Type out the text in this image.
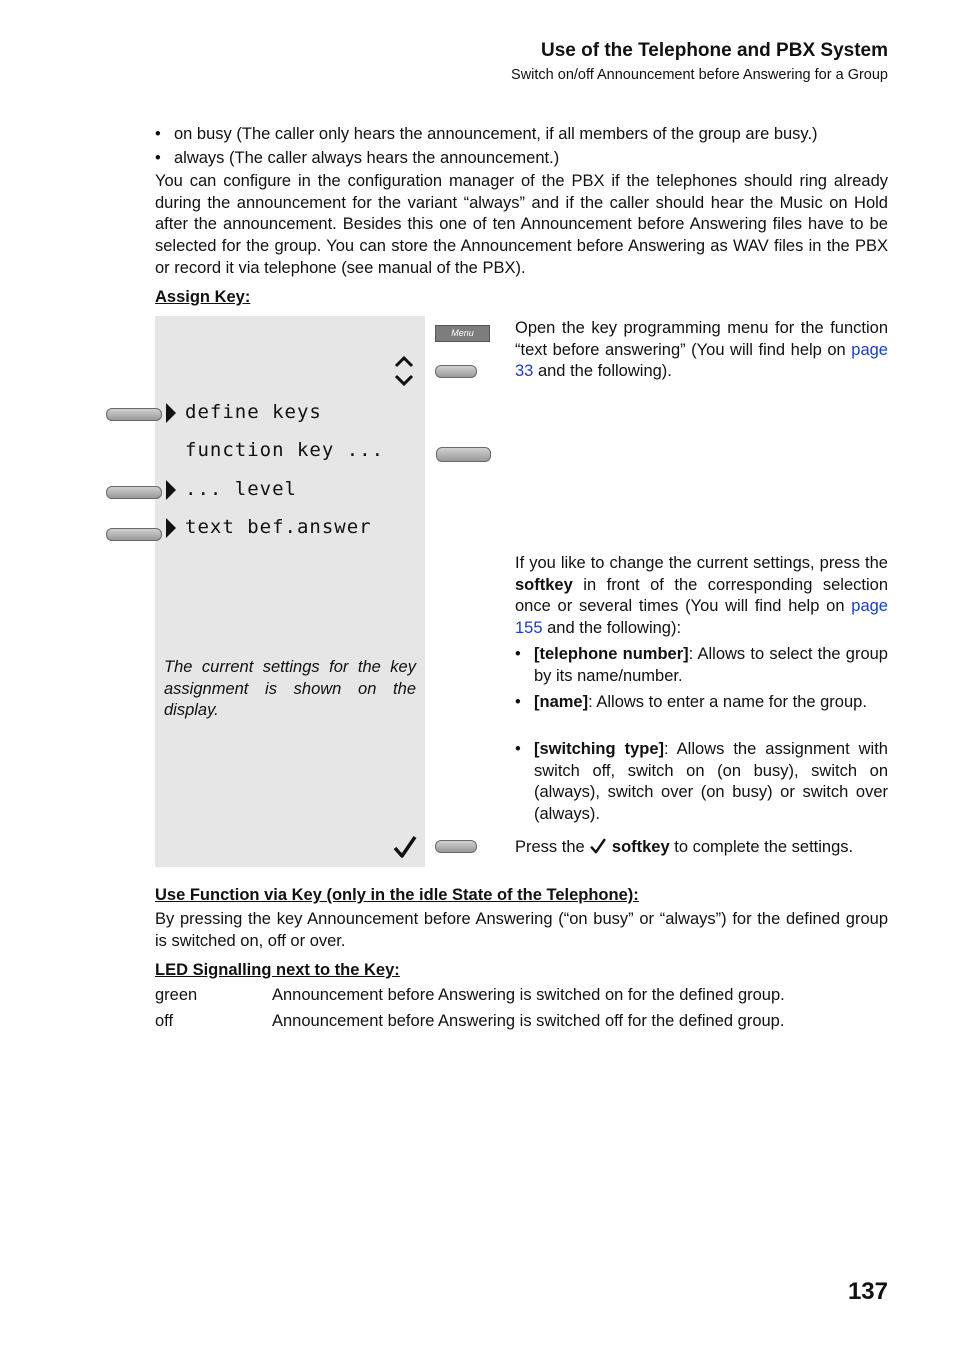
Use of the Telephone and PBX System
Switch on/off Announcement before Answering for a Group
• on busy (The caller only hears the announcement, if all members of the group are busy.)
• always (The caller always hears the announcement.)
You can configure in the configuration manager of the PBX if the telephones should ring already during the announcement for the variant “always” and if the caller should hear the Music on Hold after the announcement. Besides this one of ten Announcement before Answering files have to be selected for the group. You can store the Announcement before Answering as WAV files in the PBX or record it via telephone (see manual of the PBX).
Assign Key:
define keys
function key ...
... level
text bef.answer
The current settings for the key assignment is shown on the display.
Menu	Open the key programming menu for the function “text before answering” (You will find help on page 33 and the following).
If you like to change the current settings, press the softkey in front of the corresponding selection once or several times (You will find help on page 155 and the following):
• [telephone number]: Allows to select the group by its name/number.
• [name]: Allows to enter a name for the group.
• [switching type]: Allows the assignment with switch off, switch on (on busy), switch on (always), switch over (on busy) or switch over (always).
Press the softkey to complete the settings.
Use Function via Key (only in the idle State of the Telephone):
By pressing the key Announcement before Answering (“on busy” or “always”) for the defined group is switched on, off or over.
LED Signalling next to the Key:
green	Announcement before Answering is switched on for the defined group.
off	Announcement before Answering is switched off for the defined group.
137
